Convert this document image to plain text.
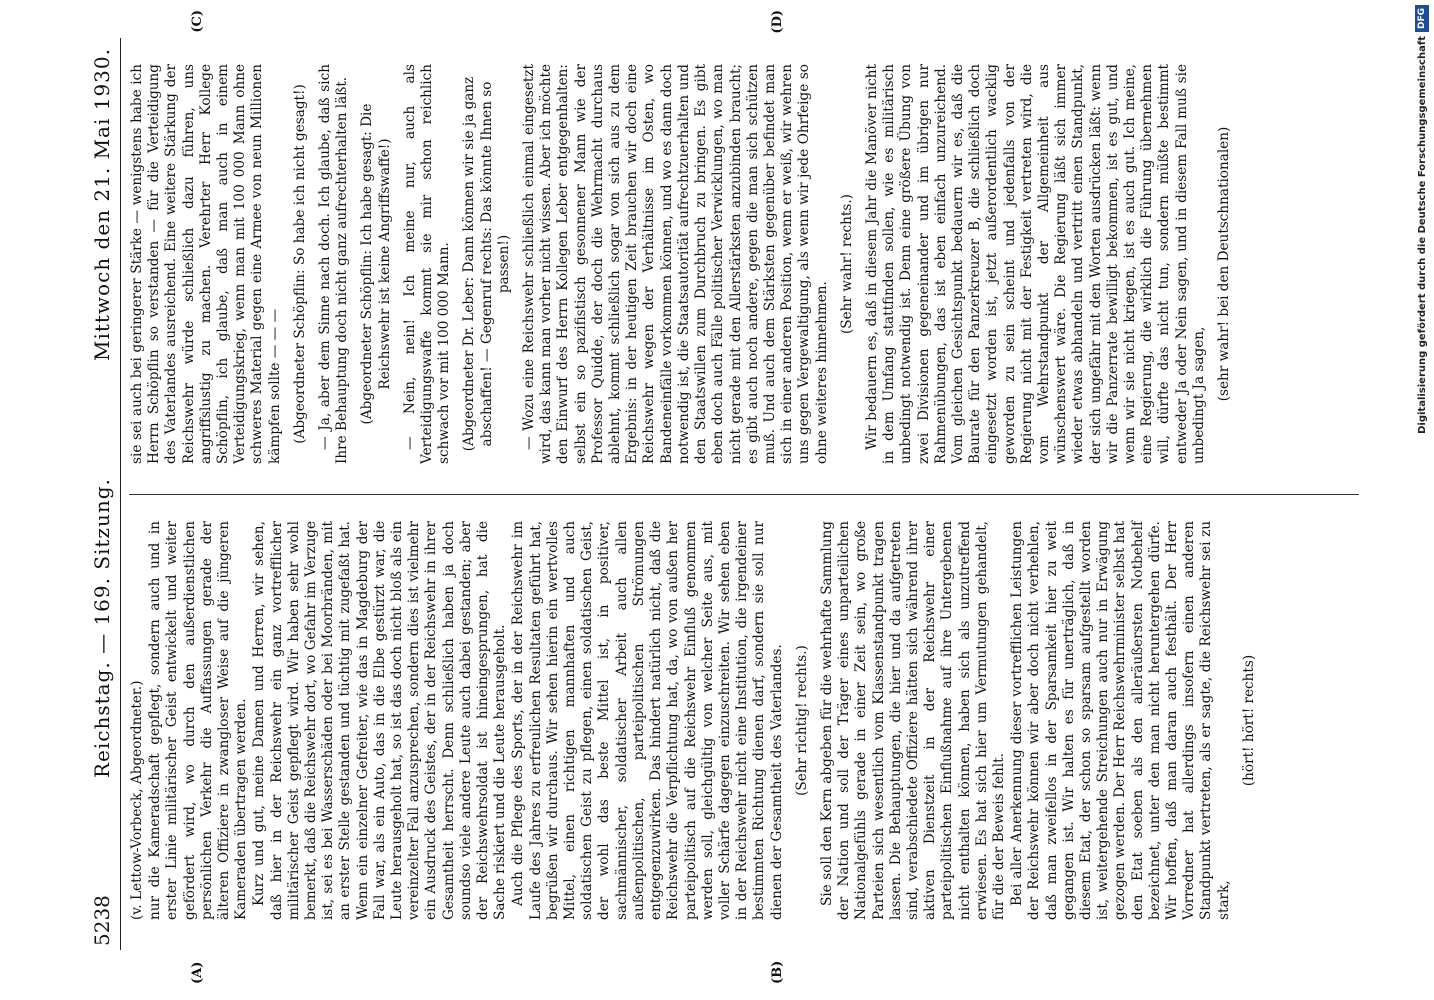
5238
Reichstag. — 169. Sitzung.
Mittwoch den 21. Mai 1930.
(A)	(B)

(v. Lettow-Vorbeck, Abgeordneter.) nur die Kameradschaft gepflegt, sondern auch und in erster Linie militärischer Geist entwickelt und weiter gefördert wird, wo durch den außerdienstlichen persönlichen Verkehr die Auffassungen gerade der älteren Offiziere in zwangloser Weise auf die jüngeren Kameraden übertragen werden. Kurz und gut, meine Damen und Herren, wir sehen, daß hier in der Reichswehr ein ganz vortrefflicher militärischer Geist gepflegt wird. Wir haben sehr wohl bemerkt, daß die Reichswehr dort, wo Gefahr im Verzuge ist, sei es bei Wasserschäden oder bei Moorbränden, mit an erster Stelle gestanden und tüchtig mit zugefaßt hat. Wenn ein einzelner Gefreiter, wie das in Magdeburg der Fall war, als ein Auto, das in die Elbe gestürzt war, die Leute herausgeholt hat, so ist das doch nicht bloß als ein vereinzelter Fall anzusprechen, sondern dies ist vielmehr ein Ausdruck des Geistes, der in der Reichswehr in ihrer Gesamtheit herrscht. Denn schließlich haben ja doch soundso viele andere Leute auch dabei gestanden; aber der Reichswehrsoldat ist hineingesprungen, hat die Sache riskiert und die Leute herausgeholt. Auch die Pflege des Sports, der in der Reichswehr im Laufe des Jahres zu erfreulichen Resultaten geführt hat, begrüßen wir durchaus. Wir sehen hierin ein wertvolles Mittel, einen richtigen mannhaften und auch soldatischen Geist zu pflegen, einen soldatischen Geist, der wohl das beste Mittel ist, in positiver, sachmännischer, soldatischer Arbeit auch allen außenpolitischen, parteipolitischen Strömungen entgegenzuwirken. Das hindert natürlich nicht, daß die Reichswehr die Verpflichtung hat, da, wo von außen her parteipolitisch auf die Reichswehr Einfluß genommen werden soll, gleichgültig von welcher Seite aus, mit voller Schärfe dagegen einzuschreiten. Wir sehen eben in der Reichswehr nicht eine Institution, die irgendeiner bestimmten Richtung dienen darf, sondern sie soll nur dienen der Gesamtheit des Vaterlandes. (Sehr richtig! rechts.) Sie soll den Kern abgeben für die wehrhafte Sammlung der Nation und soll der Träger eines unparteilichen Nationalgefühls gerade in einer Zeit sein, wo große Parteien sich wesentlich vom Klassenstandpunkt tragen lassen. Die Behauptungen, die hier und da aufgetreten sind, verabschiedete Offiziere hätten sich während ihrer aktiven Dienstzeit in der Reichswehr einer parteipolitischen Einflußnahme auf ihre Untergebenen nicht enthalten können, haben sich als unzutreffend erwiesen. Es hat sich hier um Vermutungen gehandelt, für die der Beweis fehlt. Bei aller Anerkennung dieser vortrefflichen Leistungen der Reichswehr können wir aber doch nicht verhehlen, daß man zweifellos in der Sparsamkeit hier zu weit gegangen ist. Wir halten es für unerträglich, daß in diesem Etat, der schon so sparsam aufgestellt worden ist, weitergehende Streichungen auch nur in Erwägung gezogen werden. Der Herr Reichswehrminister selbst hat den Etat soeben als den alleräußersten Notbehelf bezeichnet, unter den man nicht heruntergehen dürfe. Wir hoffen, daß man daran auch festhält. Der Herr Vorredner hat allerdings insofern einen anderen Standpunkt vertreten, als er sagte, die Reichswehr sei zu stark,

(hört! hört! rechts)

(C)	(D)

sie sei auch bei geringerer Stärke — wenigstens habe ich Herrn Schöpflin so verstanden — für die Verteidigung des Vaterlandes ausreichend. Eine weitere Stärkung der Reichswehr würde schließlich dazu führen, uns angriffslustig zu machen. Verehrter Herr Kollege Schöpflin, ich glaube, daß man auch in einem Verteidigungskrieg, wenn man mit 100 000 Mann ohne schweres Material gegen eine Armee von neun Millionen kämpfen sollte — — — (Abgeordneter Schöpflin: So habe ich nicht gesagt!) — Ja, aber dem Sinne nach doch. Ich glaube, daß sich Ihre Behauptung doch nicht ganz aufrechterhalten läßt. (Abgeordneter Schöpflin: Ich habe gesagt: Die Reichswehr ist keine Angriffswaffe!) — Nein, nein! Ich meine nur, auch als Verteidigungswaffe kommt sie mir schon reichlich schwach vor mit 100 000 Mann. (Abgeordneter Dr. Leber: Dann können wir sie ja ganz abschaffen! — Gegenruf rechts: Das könnte Ihnen so passen!) — Wozu eine Reichswehr schließlich einmal eingesetzt wird, das kann man vorher nicht wissen. Aber ich möchte den Einwurf des Herrn Kollegen Leber entgegenhalten: selbst ein so pazifistisch gesonnener Mann wie der Professor Quidde, der doch die Wehrmacht durchaus ablehnt, kommt schließlich sogar von sich aus zu dem Ergebnis: in der heutigen Zeit brauchen wir doch eine Reichswehr wegen der Verhältnisse im Osten, wo Bandeneinfälle vorkommen können, und wo es dann doch notwendig ist, die Staatsautorität aufrechtzuerhalten und den Staatswillen zum Durchbruch zu bringen. Es gibt eben doch auch Fälle politischer Verwicklungen, wo man nicht gerade mit den Allerstärksten anzubinden braucht; es gibt auch noch andere, gegen die man sich schützen muß. Und auch dem Stärksten gegenüber befindet man sich in einer anderen Position, wenn er weiß, wir wehren uns gegen Vergewaltigung, als wenn wir jede Ohrfeige so ohne weiteres hinnehmen.

(Sehr wahr! rechts.) Wir bedauern es, daß in diesem Jahr die Manöver nicht in dem Umfang stattfinden sollen, wie es militärisch unbedingt notwendig ist. Denn eine größere Übung von zwei Divisionen gegeneinander und im übrigen nur Rahmenübungen, das ist eben einfach unzureichend. Vom gleichen Gesichtspunkt bedauern wir es, daß die Baurate für den Panzerkreuzer B, die schließlich doch eingesetzt worden ist, jetzt außerordentlich wacklig geworden zu sein scheint und jedenfalls von der Regierung nicht mit der Festigkeit vertreten wird, die vom Wehrstandpunkt der Allgemeinheit aus wünschenswert wäre. Die Regierung läßt sich immer wieder etwas abhandeln und vertritt einen Standpunkt, der sich ungefähr mit den Worten ausdrücken läßt: wenn wir die Panzerrate bewilligt bekommen, ist es gut, und wenn wir sie nicht kriegen, ist es auch gut. Ich meine, eine Regierung, die wirklich die Führung übernehmen will, dürfte das nicht tun, sondern müßte bestimmt entweder Ja oder Nein sagen, und in diesem Fall muß sie unbedingt Ja sagen, (sehr wahr! bei den Deutschnationalen)	Digitalisierung gefördert durch die Deutsche Forschungsgemeinschaft
DFG
